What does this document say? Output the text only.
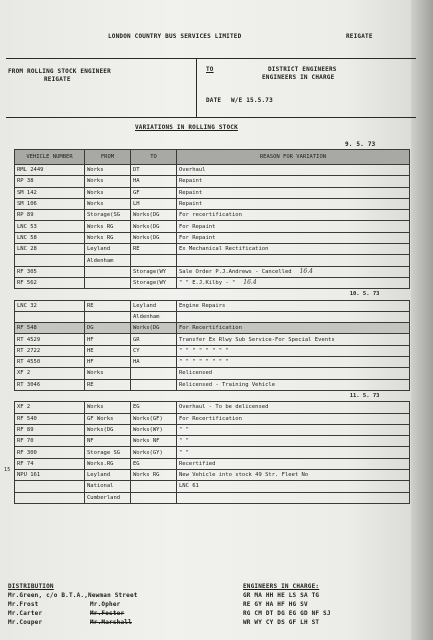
LONDON COUNTRY BUS SERVICES LIMITED	REIGATE
FROM ROLLING STOCK ENGINEER
REIGATE
TO	DISTRICT ENGINEERS
ENGINEERS IN CHARGE
DATE W/E 15.5.73
VARIATIONS IN ROLLING STOCK
9. 5. 73
VEHICLE NUMBER	FROM	TO	REASON FOR VARIATION
RML 2449	Works	DT	Overhaul
RP 38	Works	HA	Repaint
SM 142	Works	GF	Repaint
SM 106	Works	LH	Repaint
RP 89	Storage(SG	Works(DG	For recertification
LNC 53	Works RG	Works(DG	For Repaint
LNC 58	Works RG	Works(DG	For Repaint
LNC 28	Leyland	RE	Ex Mechanical Rectification
	Aldenham		
RF 305		Storage(WY	Sale Order P.J.Andrews - Cancelled 16.4
RF 562		Storage(WY	" " E.J.Kilby - " 16.4
			10. 5. 73
LNC 32	RE	Leyland	Engine Repairs
		Aldenham	
RF 548	DG	Works(DG	For Recertification
RT 4529	HF	GR	Transfer Ex Rlwy Sub Service-For Special Events
RT 2722	HE	CY	" " " " " " " "
RT 4550	HF	HA	" " " " " " " "
XF 2	Works		Relicensed
RT 3046	RE		Relicensed - Training Vehicle
			11. 5. 73
XF 2	Works	EG	Overhaul - To be delicensed
RF 540	GF Works	Works(GF)	For Recertification
RF 89	Works(DG	Works(WY)	" "
RF 70	NF	Works NF	" "
RF 300	Storage SG	Works(GY)	" "
RF 74	Works.RG	EG	Recertified
NPU 161	Leyland	Works RG	New Vehicle into stock 49 Str. Fleet No
	National		LNC 61
	Cumberland		
15
DISTRIBUTION
Mr.Green, c/o B.T.A.,Newman Street
Mr.Frost
Mr.Carter
Mr.Couper
Mr.Opher
Mr.Foster
Mr.Marshall
ENGINEERS IN CHARGE:
GR MA HH HE LS SA TG
RE GY HA HF HG SV
RG CM DT DG EG GD NF SJ
WR WY CY DS GF LH ST
